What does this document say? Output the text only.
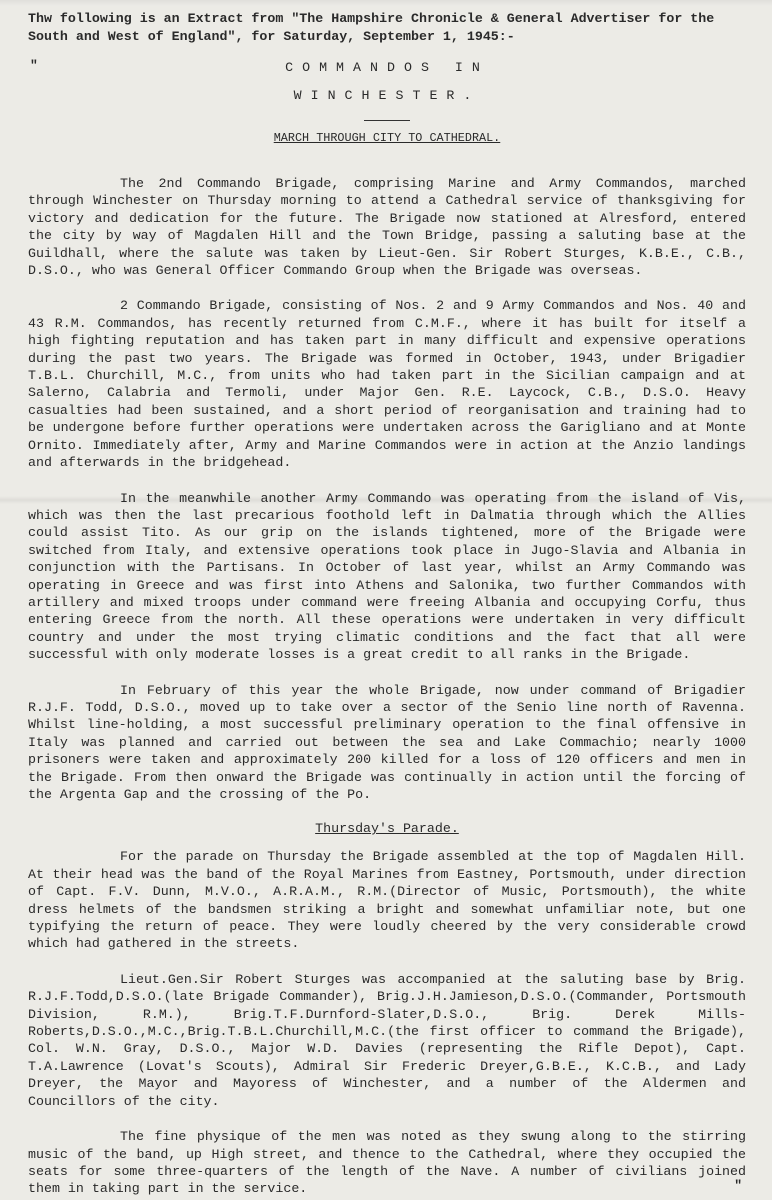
Thw following is an Extract from "The Hampshire Chronicle & General Advertiser for the South and West of England", for Saturday, September 1, 1945:-

"	COMMANDOS IN
WINCHESTER.

MARCH THROUGH CITY TO CATHEDRAL.

The 2nd Commando Brigade, comprising Marine and Army Commandos, marched through Winchester on Thursday morning to attend a Cathedral service of thanksgiving for victory and dedication for the future. The Brigade now stationed at Alresford, entered the city by way of Magdalen Hill and the Town Bridge, passing a saluting base at the Guildhall, where the salute was taken by Lieut-Gen. Sir Robert Sturges, K.B.E., C.B., D.S.O., who was General Officer Commando Group when the Brigade was overseas.

2 Commando Brigade, consisting of Nos. 2 and 9 Army Commandos and Nos. 40 and 43 R.M. Commandos, has recently returned from C.M.F., where it has built for itself a high fighting reputation and has taken part in many difficult and expensive operations during the past two years. The Brigade was formed in October, 1943, under Brigadier T.B.L. Churchill, M.C., from units who had taken part in the Sicilian campaign and at Salerno, Calabria and Termoli, under Major Gen. R.E. Laycock, C.B., D.S.O. Heavy casualties had been sustained, and a short period of reorganisation and training had to be undergone before further operations were undertaken across the Garigliano and at Monte Ornito. Immediately after, Army and Marine Commandos were in action at the Anzio landings and afterwards in the bridgehead.

In the meanwhile another Army Commando was operating from the island of Vis, which was then the last precarious foothold left in Dalmatia through which the Allies could assist Tito. As our grip on the islands tightened, more of the Brigade were switched from Italy, and extensive operations took place in Jugo-Slavia and Albania in conjunction with the Partisans. In October of last year, whilst an Army Commando was operating in Greece and was first into Athens and Salonika, two further Commandos with artillery and mixed troops under command were freeing Albania and occupying Corfu, thus entering Greece from the north. All these operations were undertaken in very difficult country and under the most trying climatic conditions and the fact that all were successful with only moderate losses is a great credit to all ranks in the Brigade.

In February of this year the whole Brigade, now under command of Brigadier R.J.F. Todd, D.S.O., moved up to take over a sector of the Senio line north of Ravenna. Whilst line-holding, a most successful preliminary operation to the final offensive in Italy was planned and carried out between the sea and Lake Commachio; nearly 1000 prisoners were taken and approximately 200 killed for a loss of 120 officers and men in the Brigade. From then onward the Brigade was continually in action until the forcing of the Argenta Gap and the crossing of the Po.

Thursday's Parade.

For the parade on Thursday the Brigade assembled at the top of Magdalen Hill. At their head was the band of the Royal Marines from Eastney, Portsmouth, under direction of Capt. F.V. Dunn, M.V.O., A.R.A.M., R.M.(Director of Music, Portsmouth), the white dress helmets of the bandsmen striking a bright and somewhat unfamiliar note, but one typifying the return of peace. They were loudly cheered by the very considerable crowd which had gathered in the streets.

Lieut.Gen.Sir Robert Sturges was accompanied at the saluting base by Brig. R.J.F.Todd,D.S.O.(late Brigade Commander), Brig.J.H.Jamieson,D.S.O.(Commander, Portsmouth Division, R.M.), Brig.T.F.Durnford-Slater,D.S.O., Brig. Derek Mills-Roberts,D.S.O.,M.C.,Brig.T.B.L.Churchill,M.C.(the first officer to command the Brigade), Col. W.N. Gray, D.S.O., Major W.D. Davies (representing the Rifle Depot), Capt. T.A.Lawrence (Lovat's Scouts), Admiral Sir Frederic Dreyer,G.B.E., K.C.B., and Lady Dreyer, the Mayor and Mayoress of Winchester, and a number of the Aldermen and Councillors of the city.

The fine physique of the men was noted as they swung along to the stirring music of the band, up High street, and thence to the Cathedral, where they occupied the seats for some three-quarters of the length of the Nave. A number of civilians joined them in taking part in the service.	"
